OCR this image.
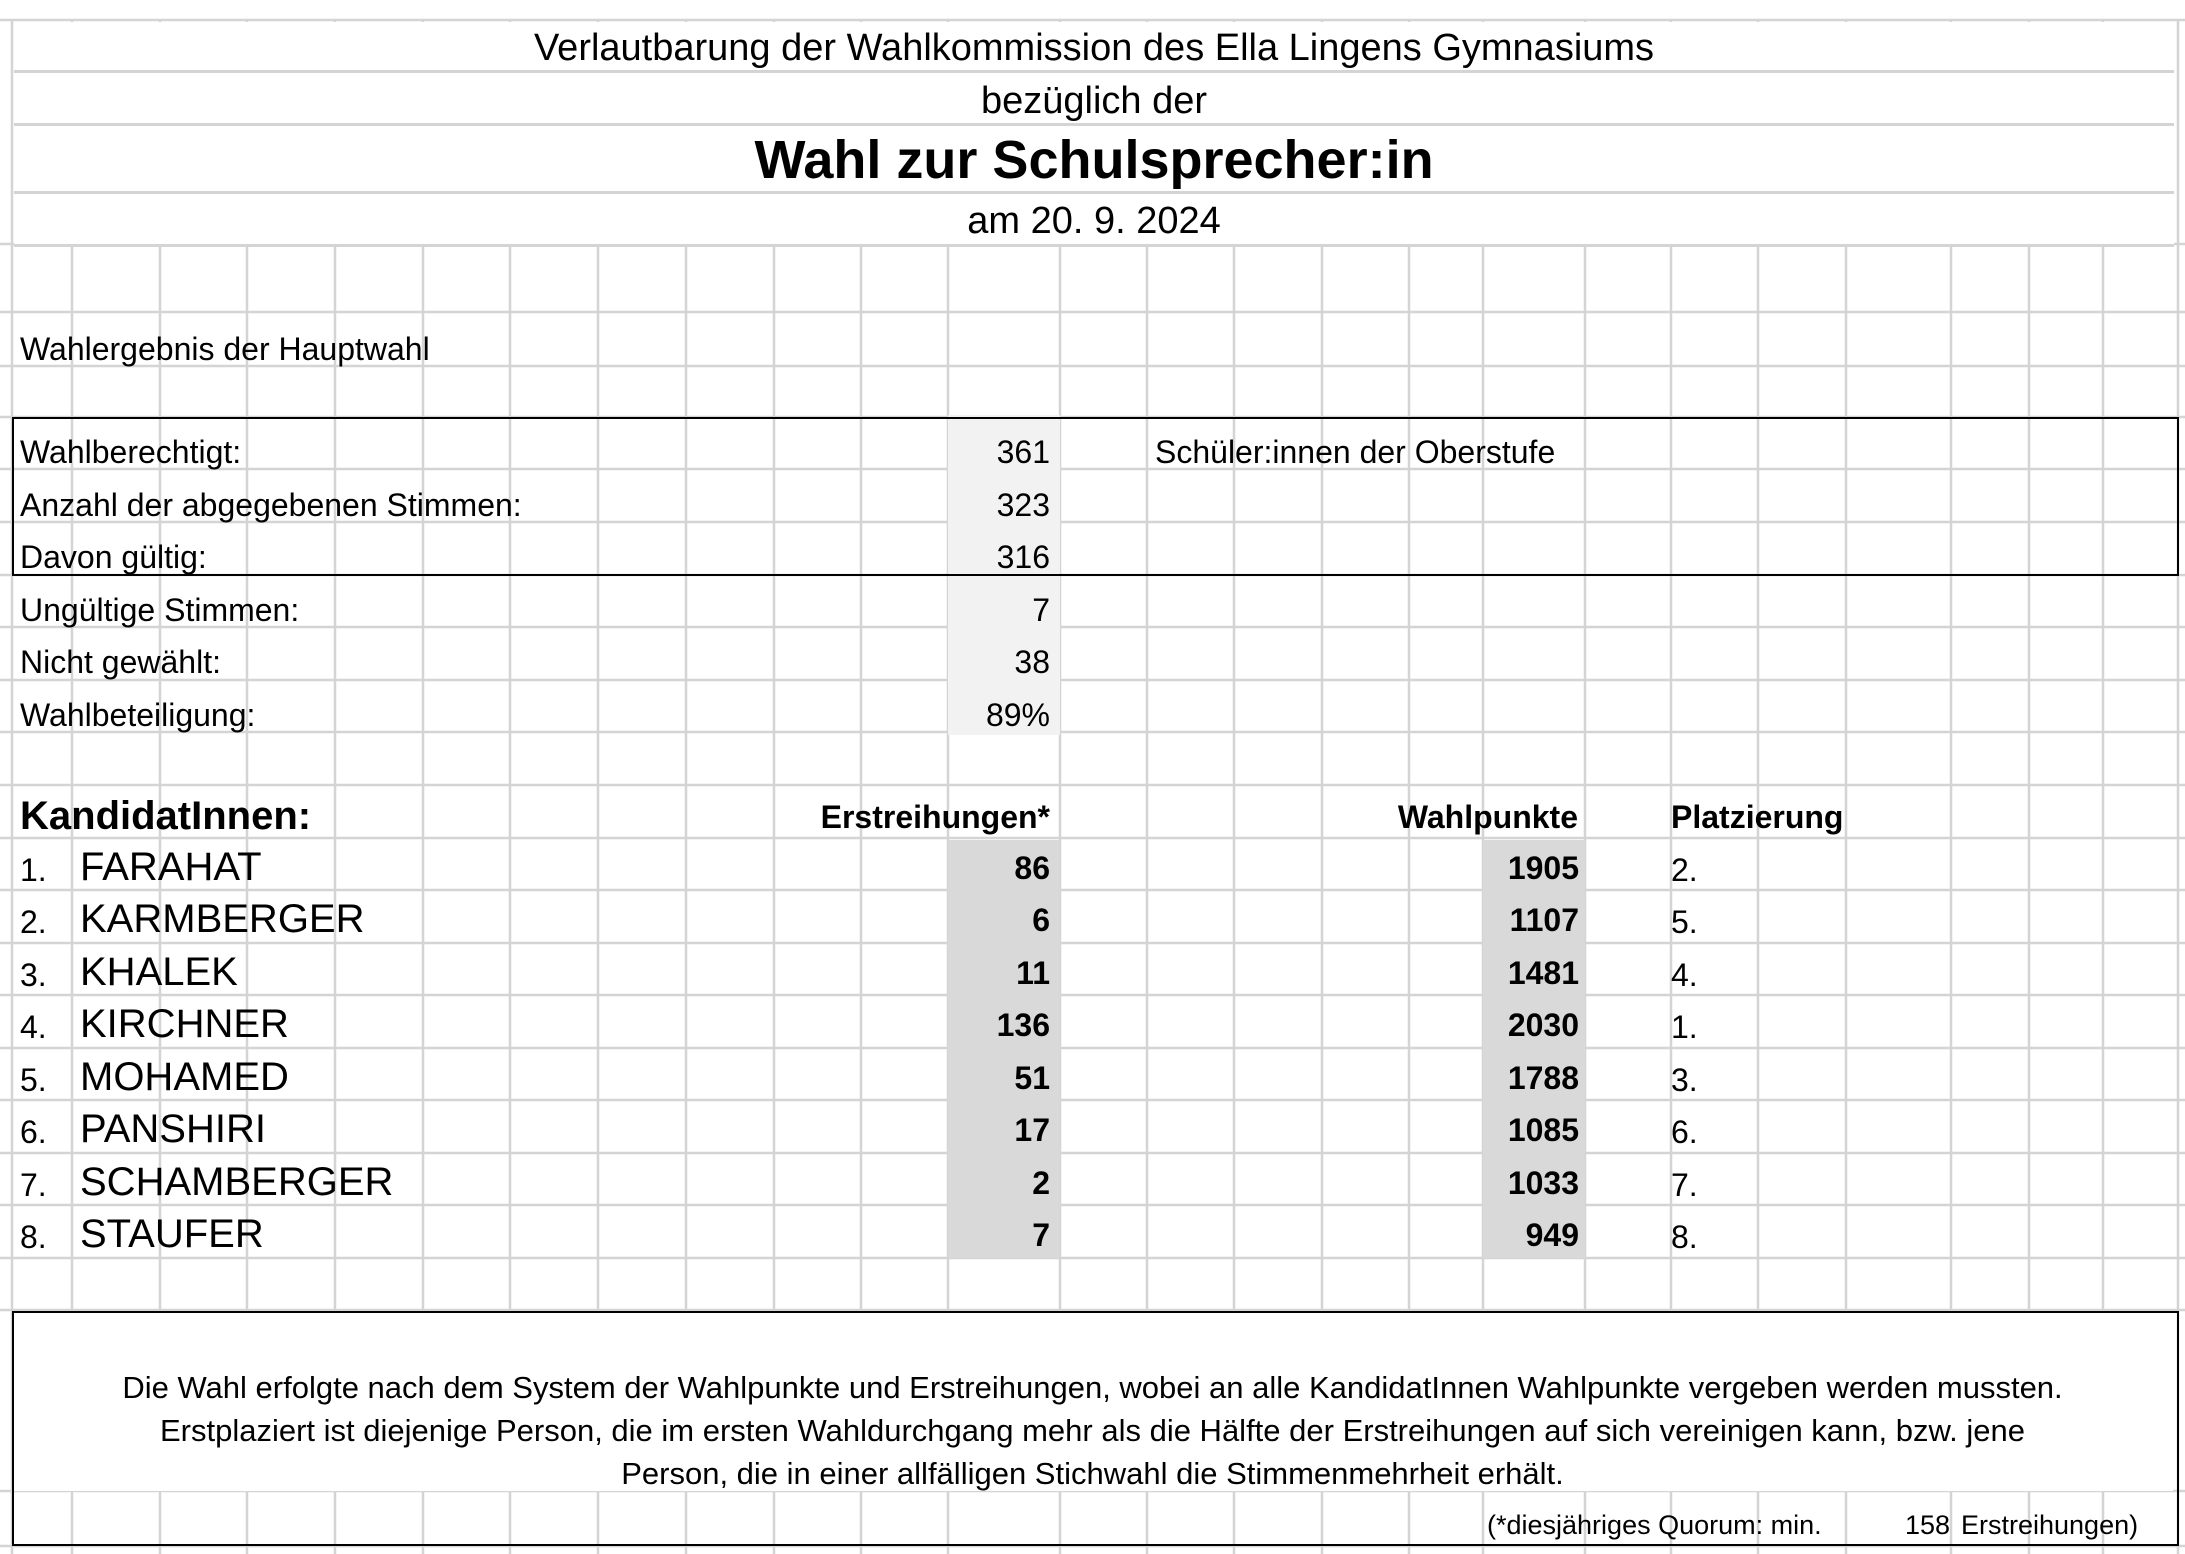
Verlautbarung der Wahlkommission des Ella Lingens Gymnasiums
bezüglich der
Wahl zur Schulsprecher:in
am 20. 9. 2024
Wahlergebnis der Hauptwahl
Wahlberechtigt:	361
Anzahl der abgegebenen Stimmen:	323
Davon gültig:	316
Ungültige Stimmen:	7
Nicht gewählt:	38
Wahlbeteiligung:	89%
Schüler:innen der Oberstufe
KandidatInnen:	Erstreihungen*	Wahlpunkte	Platzierung
1. FARAHAT	86	1905	2.
2. KARMBERGER	6	1107	5.
3. KHALEK	11	1481	4.
4. KIRCHNER	136	2030	1.
5. MOHAMED	51	1788	3.
6. PANSHIRI	17	1085	6.
7. SCHAMBERGER	2	1033	7.
8. STAUFER	7	949	8.
Die Wahl erfolgte nach dem System der Wahlpunkte und Erstreihungen, wobei an alle KandidatInnen Wahlpunkte vergeben werden mussten.
Erstplaziert ist diejenige Person, die im ersten Wahldurchgang mehr als die Hälfte der Erstreihungen auf sich vereinigen kann, bzw. jene
Person, die in einer allfälligen Stichwahl die Stimmenmehrheit erhält.
(*diesjähriges Quorum: min.	158 Erstreihungen)
